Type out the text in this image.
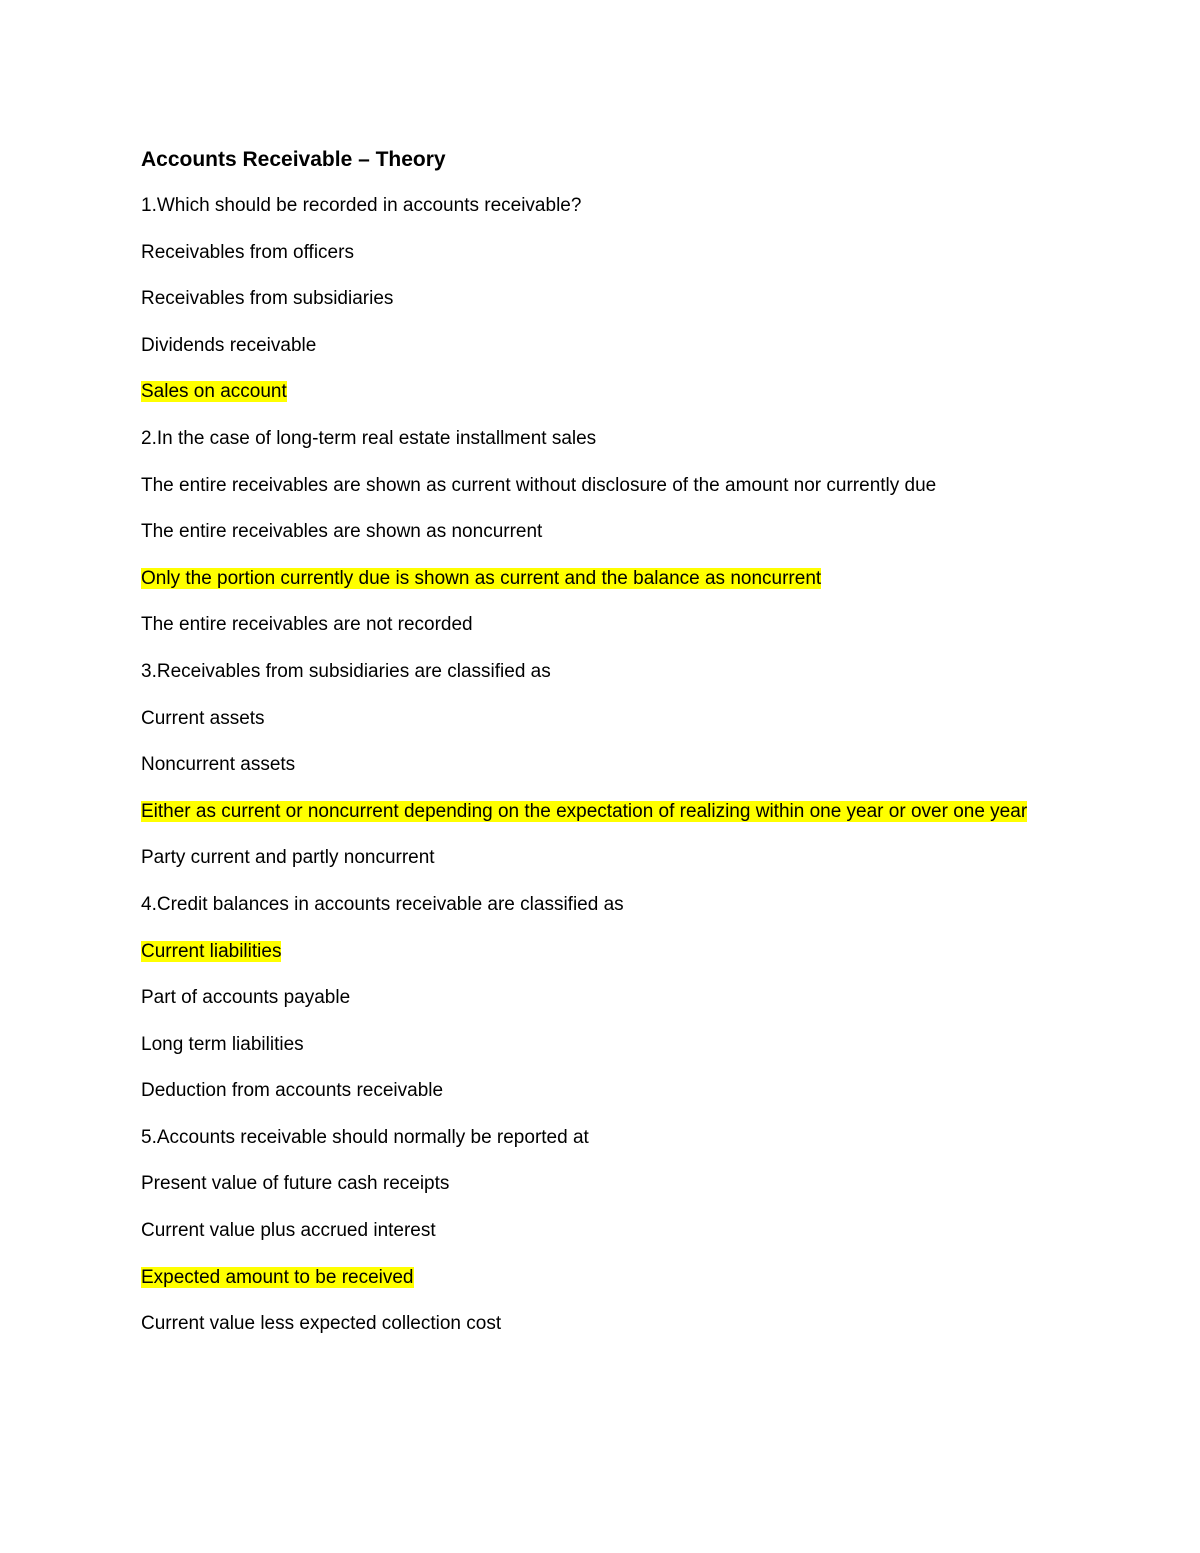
Accounts Receivable – Theory
1.Which should be recorded in accounts receivable?
Receivables from officers
Receivables from subsidiaries
Dividends receivable
Sales on account
2.In the case of long-term real estate installment sales
The entire receivables are shown as current without disclosure of the amount nor currently due
The entire receivables are shown as noncurrent
Only the portion currently due is shown as current and the balance as noncurrent
The entire receivables are not recorded
3.Receivables from subsidiaries are classified as
Current assets
Noncurrent assets
Either as current or noncurrent depending on the expectation of realizing within one year or over one year
Party current and partly noncurrent
4.Credit balances in accounts receivable are classified as
Current liabilities
Part of accounts payable
Long term liabilities
Deduction from accounts receivable
5.Accounts receivable should normally be reported at
Present value of future cash receipts
Current value plus accrued interest
Expected amount to be received
Current value less expected collection cost
